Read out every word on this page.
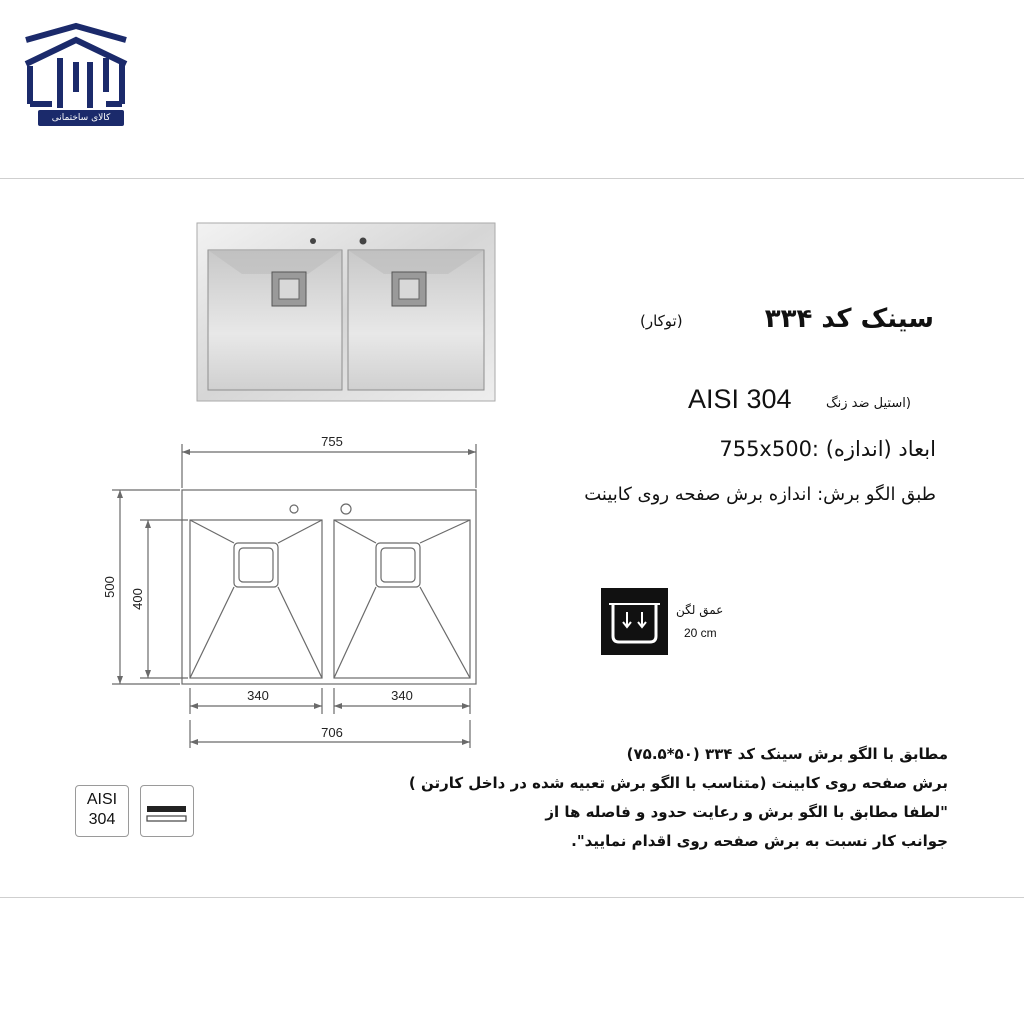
کالای ساختمانی
755
500
400
340	340
706
سینک کد ۳۳۴
(توکار)
AISI 304	(استیل ضد زنگ
755x500: ابعاد (اندازه)
طبق الگو برش: اندازه برش صفحه روی کابینت
عمق لگن
20 cm
مطابق با الگو برش سینک کد ۳۳۴ (۵۰*۷۵.۵)
برش صفحه روی کابینت (متناسب با الگو برش تعبیه شده در داخل کارتن )
"لطفا مطابق با الگو برش و رعایت حدود و فاصله ها از
جوانب کار نسبت به برش صفحه روی اقدام نمایید".
AISI
304
